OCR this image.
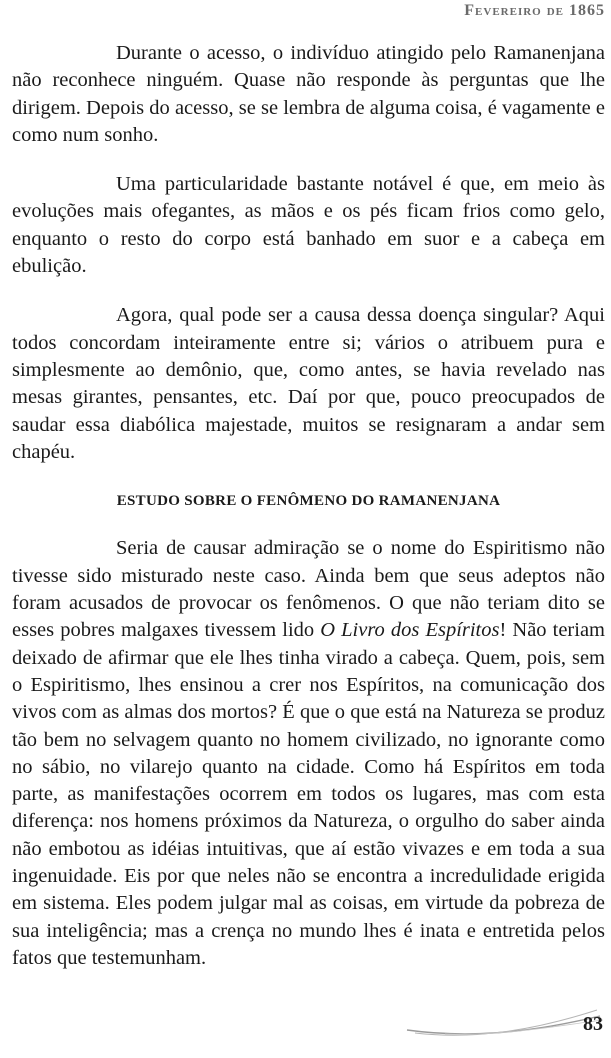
Fevereiro de 1865

Durante o acesso, o indivíduo atingido pelo Ramanenjana não reconhece ninguém. Quase não responde às perguntas que lhe dirigem. Depois do acesso, se se lembra de alguma coisa, é vagamente e como num sonho.

Uma particularidade bastante notável é que, em meio às evoluções mais ofegantes, as mãos e os pés ficam frios como gelo, enquanto o resto do corpo está banhado em suor e a cabeça em ebulição.

Agora, qual pode ser a causa dessa doença singular? Aqui todos concordam inteiramente entre si; vários o atribuem pura e simplesmente ao demônio, que, como antes, se havia revelado nas mesas girantes, pensantes, etc. Daí por que, pouco preocupados de saudar essa diabólica majestade, muitos se resignaram a andar sem chapéu.

ESTUDO SOBRE O FENÔMENO DO RAMANENJANA

Seria de causar admiração se o nome do Espiritismo não tivesse sido misturado neste caso. Ainda bem que seus adeptos não foram acusados de provocar os fenômenos. O que não teriam dito se esses pobres malgaxes tivessem lido O Livro dos Espíritos! Não teriam deixado de afirmar que ele lhes tinha virado a cabeça. Quem, pois, sem o Espiritismo, lhes ensinou a crer nos Espíritos, na comunicação dos vivos com as almas dos mortos? É que o que está na Natureza se produz tão bem no selvagem quanto no homem civilizado, no ignorante como no sábio, no vilarejo quanto na cidade. Como há Espíritos em toda parte, as manifestações ocorrem em todos os lugares, mas com esta diferença: nos homens próximos da Natureza, o orgulho do saber ainda não embotou as idéias intuitivas, que aí estão vivazes e em toda a sua ingenuidade. Eis por que neles não se encontra a incredulidade erigida em sistema. Eles podem julgar mal as coisas, em virtude da pobreza de sua inteligência; mas a crença no mundo lhes é inata e entretida pelos fatos que testemunham.

83
